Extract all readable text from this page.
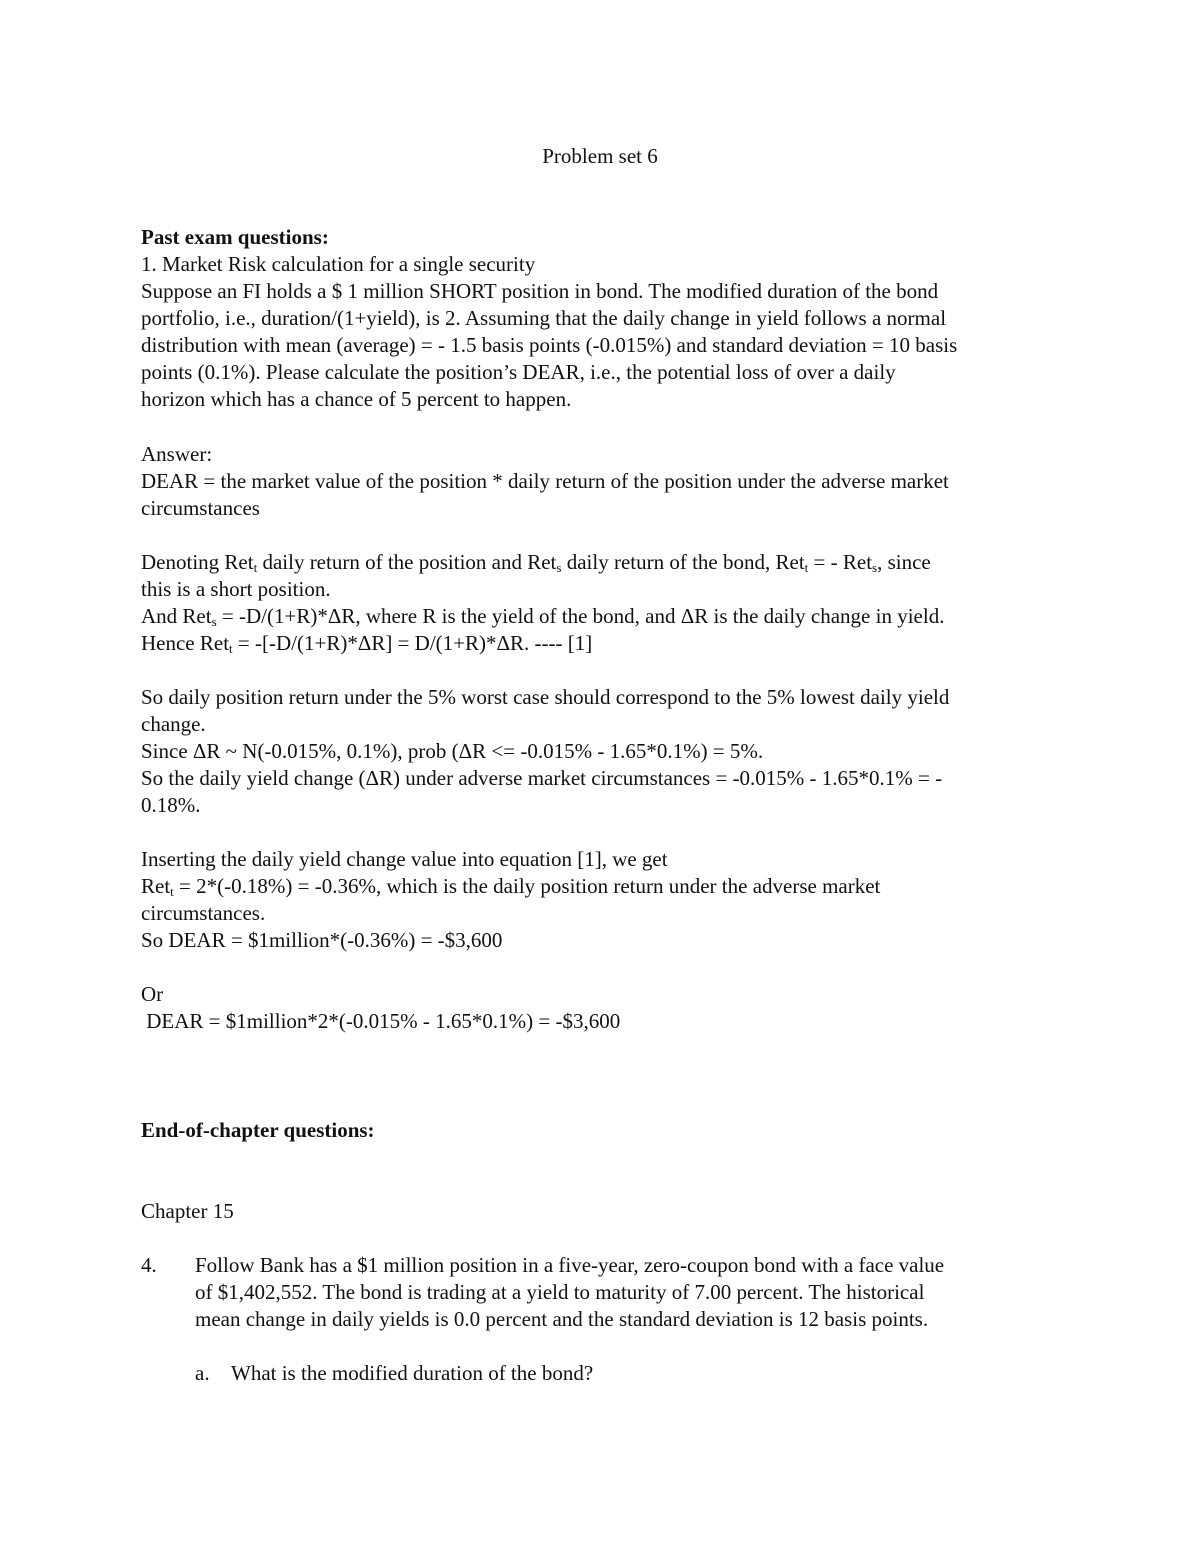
Problem set 6
Past exam questions:
1. Market Risk calculation for a single security
Suppose an FI holds a $ 1 million SHORT position in bond. The modified duration of the bond
portfolio, i.e., duration/(1+yield), is 2. Assuming that the daily change in yield follows a normal
distribution with mean (average) = - 1.5 basis points (-0.015%) and standard deviation = 10 basis
points (0.1%). Please calculate the position’s DEAR, i.e., the potential loss of over a daily
horizon which has a chance of 5 percent to happen.
Answer:
DEAR = the market value of the position * daily return of the position under the adverse market
circumstances
Denoting Ret$_t$ daily return of the position and Ret$_s$ daily return of the bond, Ret$_t$ = - Ret$_s$, since
this is a short position.
And Ret$_s$ = -D/(1+R)*ΔR, where R is the yield of the bond, and ΔR is the daily change in yield.
Hence Ret$_t$ = -[-D/(1+R)*ΔR] = D/(1+R)*ΔR. ---- [1]
So daily position return under the 5% worst case should correspond to the 5% lowest daily yield
change.
Since ΔR ~ N(-0.015%, 0.1%), prob (ΔR <= -0.015% - 1.65*0.1%) = 5%.
So the daily yield change (ΔR) under adverse market circumstances = -0.015% - 1.65*0.1% = -
0.18%.
Inserting the daily yield change value into equation [1], we get
Ret$_t$ = 2*(-0.18%) = -0.36%, which is the daily position return under the adverse market
circumstances.
So DEAR = $1million*(-0.36%) = -$3,600
Or
DEAR = $1million*2*(-0.015% - 1.65*0.1%) = -$3,600
End-of-chapter questions:
Chapter 15
4. Follow Bank has a $1 million position in a five-year, zero-coupon bond with a face value
of $1,402,552. The bond is trading at a yield to maturity of 7.00 percent. The historical
mean change in daily yields is 0.0 percent and the standard deviation is 12 basis points.
a. What is the modified duration of the bond?
